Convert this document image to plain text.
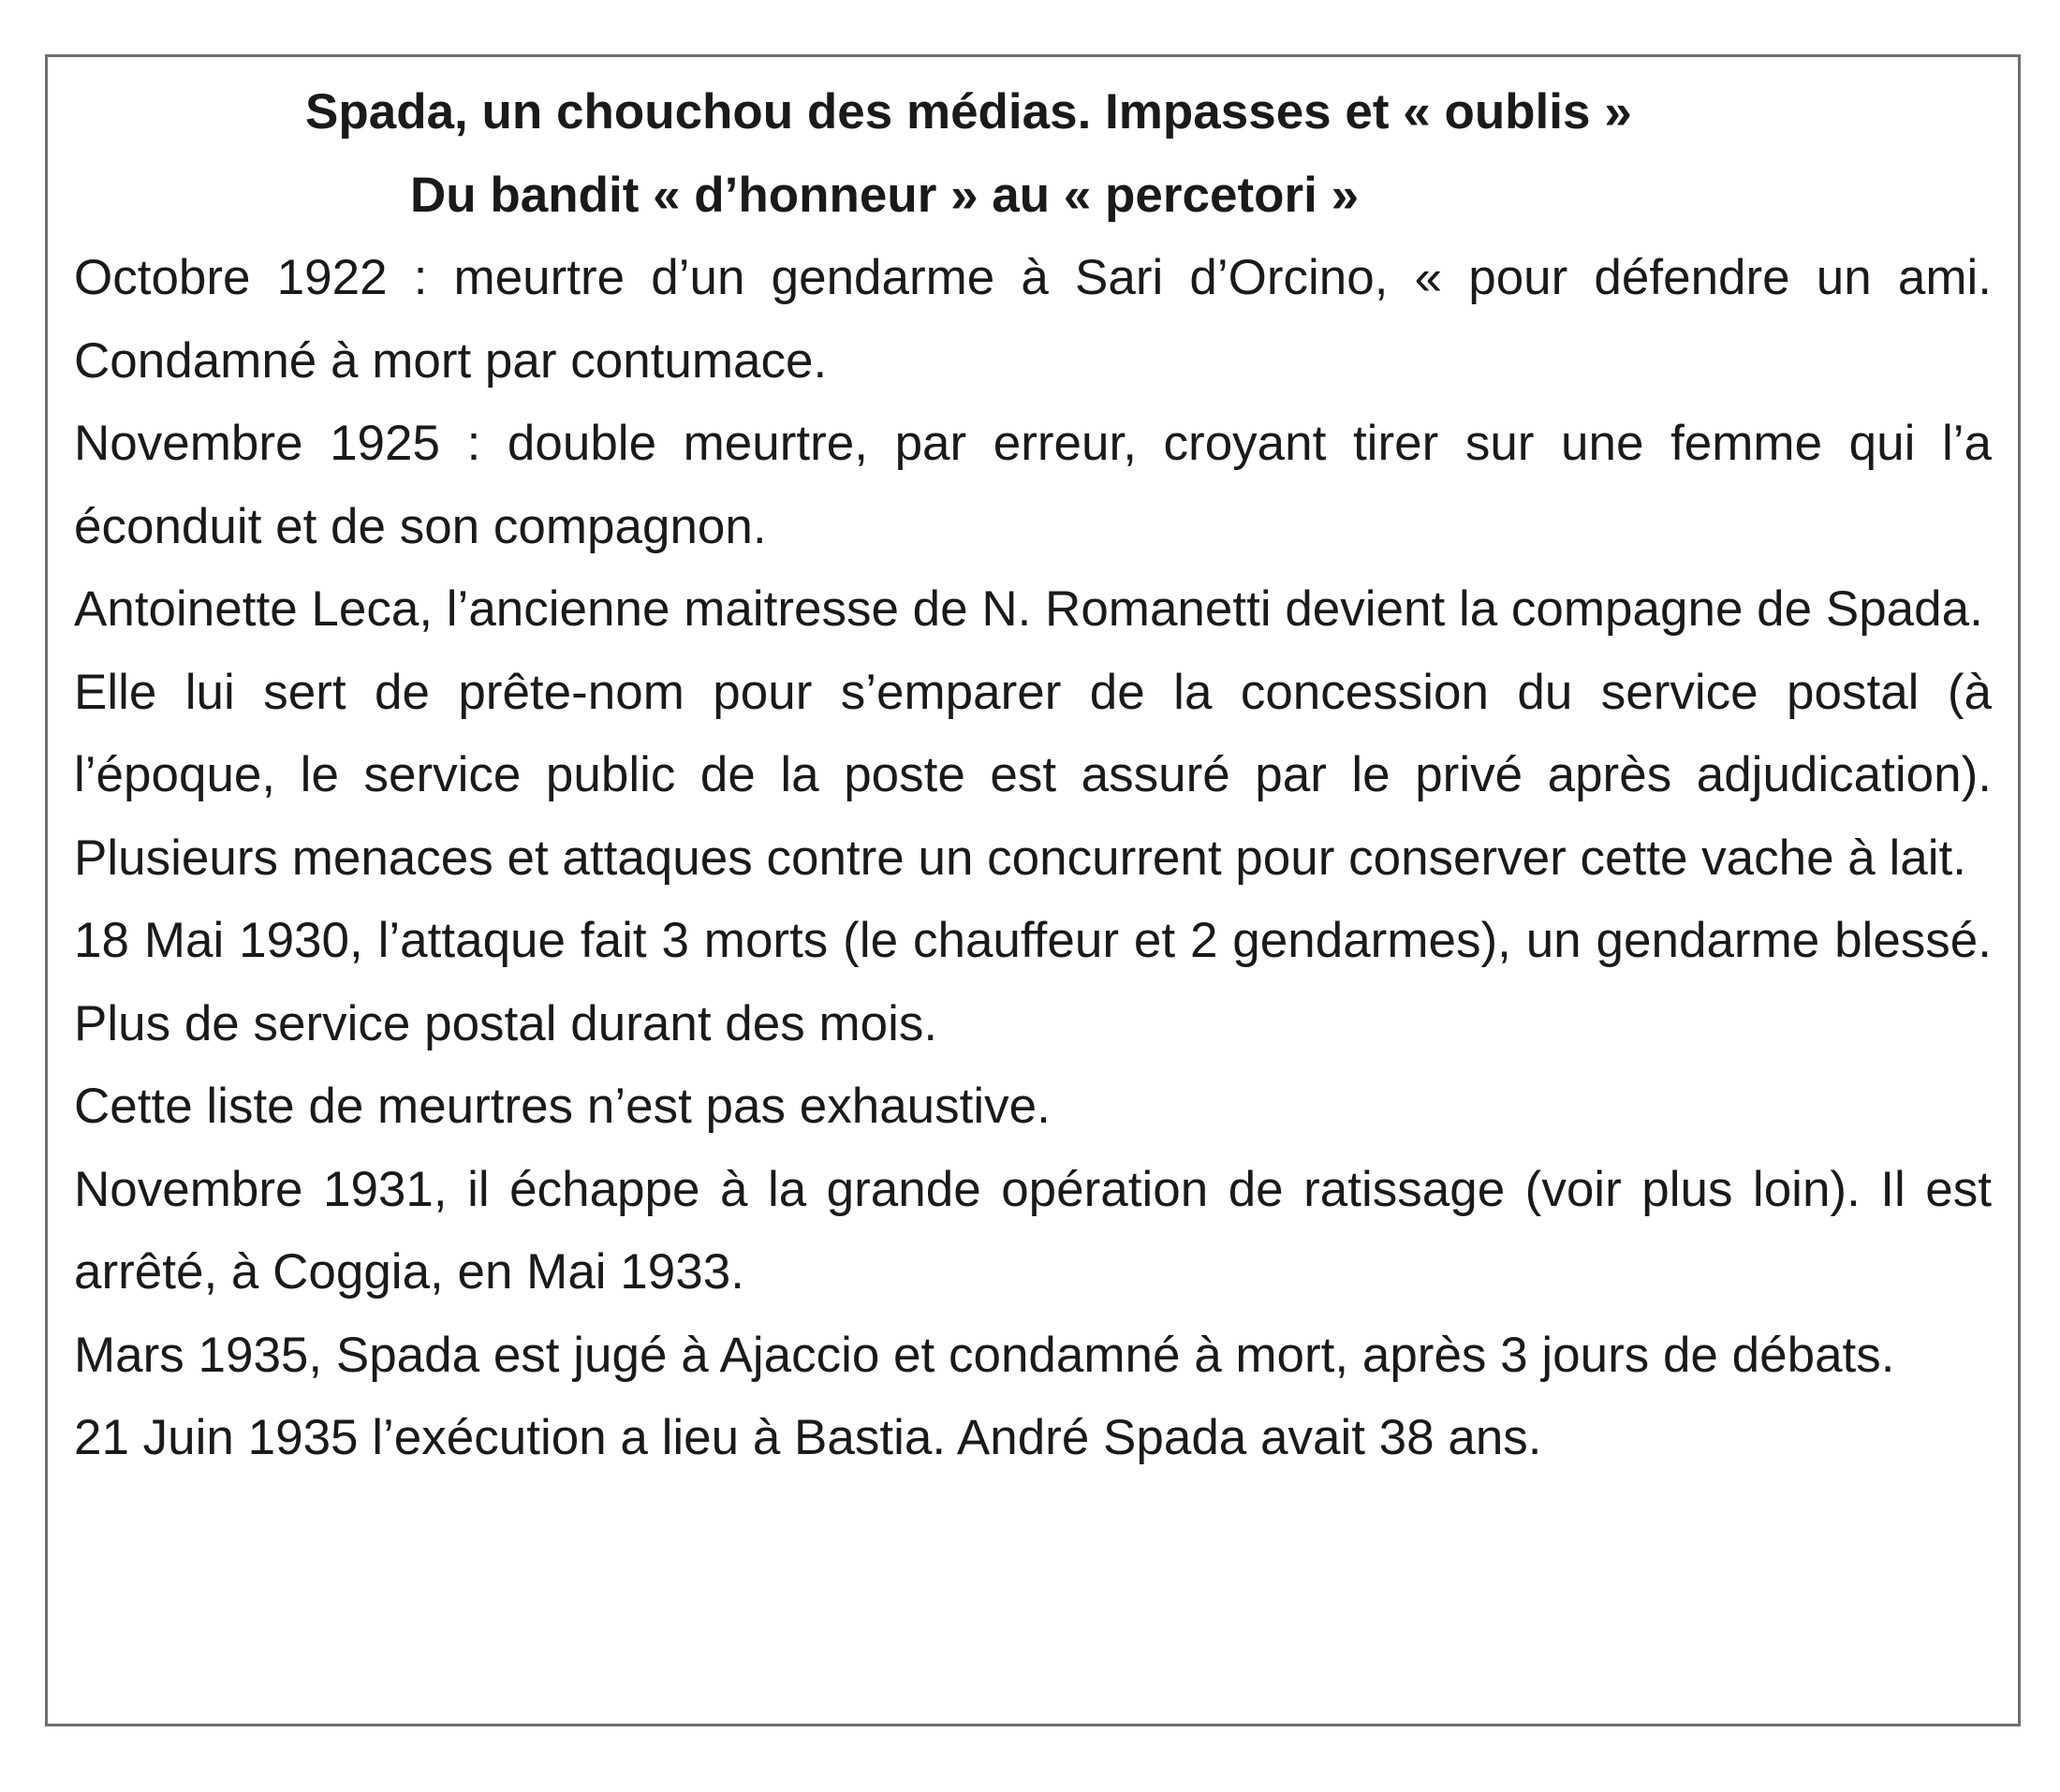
Spada, un chouchou des médias. Impasses et « oublis »
Du bandit « d’honneur » au « percetori »

Octobre 1922 : meurtre d’un gendarme à Sari d’Orcino, « pour défendre un ami. Condamné à mort par contumace.

Novembre 1925 : double meurtre, par erreur, croyant tirer sur une femme qui l’a éconduit et de son compagnon.

Antoinette Leca, l’ancienne maitresse de N. Romanetti devient la compagne de Spada.

Elle lui sert de prête-nom pour s’emparer de la concession du service postal (à l’époque, le service public de la poste est assuré par le privé après adjudication). Plusieurs menaces et attaques contre un concurrent pour conserver cette vache à lait.

18 Mai 1930, l’attaque fait 3 morts (le chauffeur et 2 gendarmes), un gendarme blessé. Plus de service postal durant des mois.

Cette liste de meurtres n’est pas exhaustive.

Novembre 1931, il échappe à la grande opération de ratissage (voir plus loin). Il est arrêté, à Coggia, en Mai 1933.

Mars 1935, Spada est jugé à Ajaccio et condamné à mort, après 3 jours de débats.

21 Juin 1935 l’exécution a lieu à Bastia. André Spada avait 38 ans.
